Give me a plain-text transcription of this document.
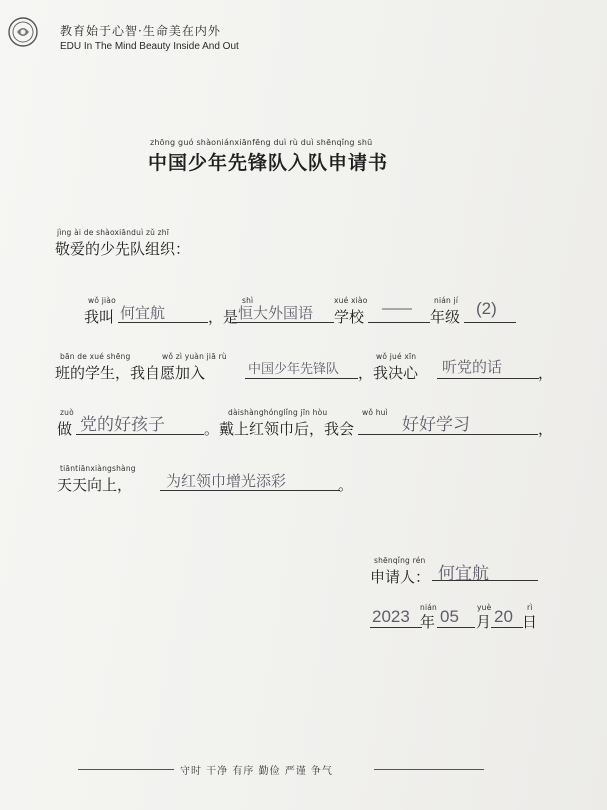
教育始于心智·生命美在内外
EDU In The Mind Beauty Inside And Out
zhōng guó shàoniánxiānfēng duì rù duì shēnqǐng shū
中国少年先锋队入队申请书
jìng ài de shàoxiānduì zǔ zhī
敬爱的少先队组织：
wǒ jiào
我叫 何宜航	，是
shì
恒大外国语
xué xiào
学校 ——	nián jí
年级 (2)
bān de xué shēng
班的学生，我自愿加入
wǒ zì yuàn jiā rù
中国少年先锋队
wǒ jué xīn
，我决心 听党的话 ，
zuò
做 党的好孩子
dàishànghónglǐng jīn hòu
。戴上红领巾后，我会
wǒ huì
好好学习	，
tiāntiānxiàngshàng
天天向上， 为红领巾增光添彩	。
shēnqǐng rén
申请人： 何宜航
2023 nián
年 05 yuè
月 20 rì
日
守时 干净 有序 勤俭 严谨 争气
